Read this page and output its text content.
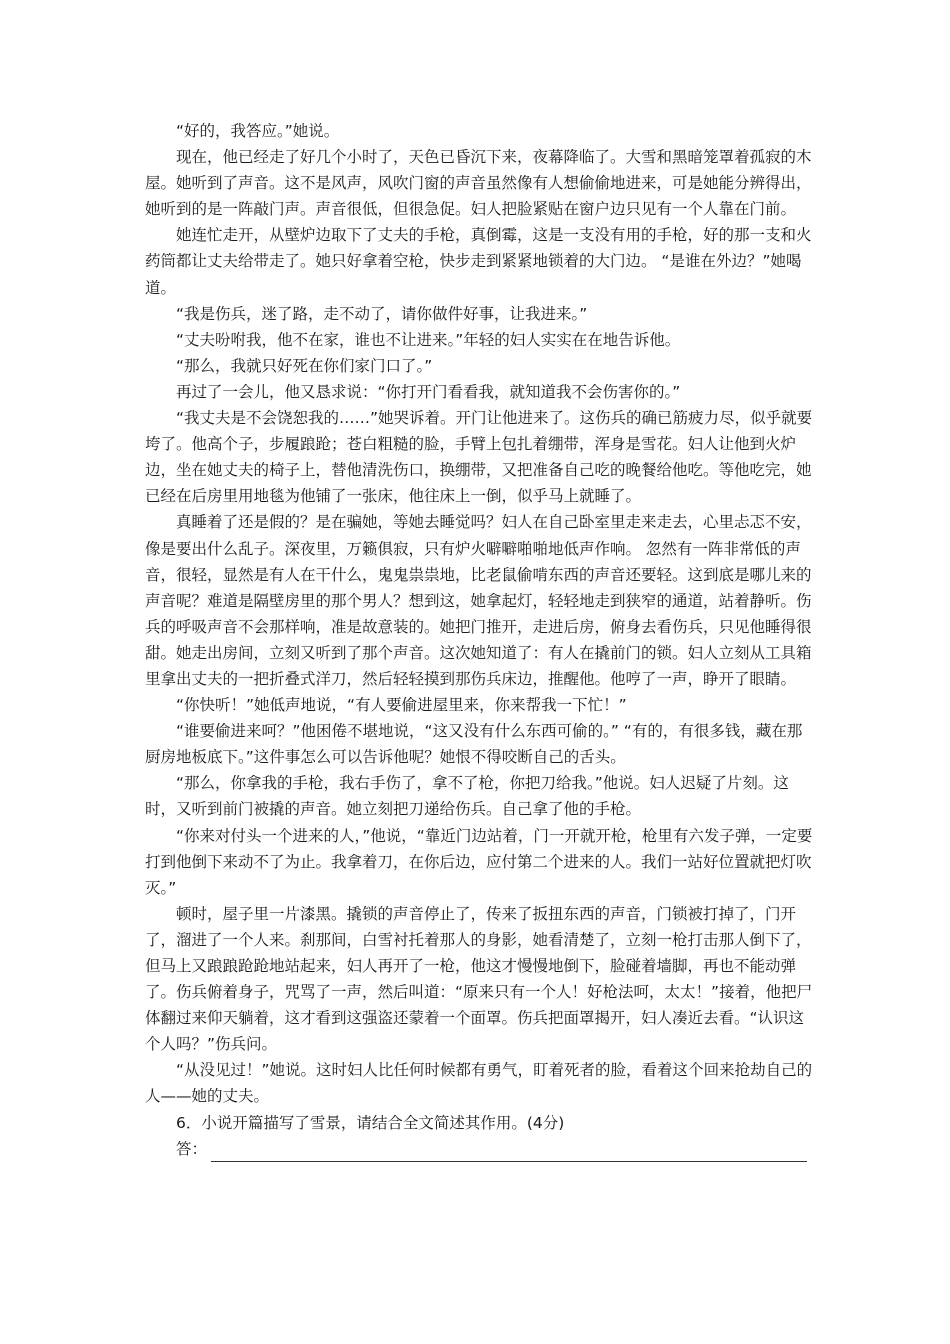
“好的，我答应。”她说。

现在，他已经走了好几个小时了，天色已昏沉下来，夜幕降临了。大雪和黑暗笼罩着孤寂的木屋。她听到了声音。这不是风声，风吹门窗的声音虽然像有人想偷偷地进来，可是她能分辨得出，她听到的是一阵敲门声。声音很低，但很急促。妇人把脸紧贴在窗户边只见有一个人靠在门前。

她连忙走开，从壁炉边取下了丈夫的手枪，真倒霉，这是一支没有用的手枪，好的那一支和火药筒都让丈夫给带走了。她只好拿着空枪，快步走到紧紧地锁着的大门边。 “是谁在外边？”她喝道。

“我是伤兵，迷了路，走不动了，请你做件好事，让我进来。”

“丈夫吩咐我，他不在家，谁也不让进来。”年轻的妇人实实在在地告诉他。

“那么，我就只好死在你们家门口了。”

再过了一会儿，他又恳求说：“你打开门看看我，就知道我不会伤害你的。”

“我丈夫是不会饶恕我的……”她哭诉着。开门让他进来了。这伤兵的确已筋疲力尽，似乎就要垮了。他高个子，步履踉跄；苍白粗糙的脸，手臂上包扎着绷带，浑身是雪花。妇人让他到火炉边，坐在她丈夫的椅子上，替他清洗伤口，换绷带，又把准备自己吃的晚餐给他吃。等他吃完，她已经在后房里用地毯为他铺了一张床，他往床上一倒，似乎马上就睡了。

真睡着了还是假的？是在骗她，等她去睡觉吗？妇人在自己卧室里走来走去，心里忐忑不安，像是要出什么乱子。深夜里，万籁俱寂，只有炉火噼噼啪啪地低声作响。 忽然有一阵非常低的声音，很轻，显然是有人在干什么，鬼鬼祟祟地，比老鼠偷啃东西的声音还要轻。这到底是哪儿来的声音呢？难道是隔壁房里的那个男人？想到这，她拿起灯，轻轻地走到狭窄的通道，站着静听。伤兵的呼吸声音不会那样响，准是故意装的。她把门推开，走进后房，俯身去看伤兵，只见他睡得很甜。她走出房间，立刻又听到了那个声音。这次她知道了：有人在撬前门的锁。妇人立刻从工具箱里拿出丈夫的一把折叠式洋刀，然后轻轻摸到那伤兵床边，推醒他。他哼了一声，睁开了眼睛。

“你快听！”她低声地说，“有人要偷进屋里来，你来帮我一下忙！”

“谁要偷进来呵？”他困倦不堪地说，“这又没有什么东西可偷的。” “有的，有很多钱，藏在那厨房地板底下。”这件事怎么可以告诉他呢？她恨不得咬断自己的舌头。

“那么，你拿我的手枪，我右手伤了，拿不了枪，你把刀给我。”他说。妇人迟疑了片刻。这时，又听到前门被撬的声音。她立刻把刀递给伤兵。自己拿了他的手枪。

“你来对付头一个进来的人，”他说，“靠近门边站着，门一开就开枪，枪里有六发子弹，一定要打到他倒下来动不了为止。我拿着刀，在你后边，应付第二个进来的人。我们一站好位置就把灯吹灭。”

顿时，屋子里一片漆黑。撬锁的声音停止了，传来了扳扭东西的声音，门锁被打掉了，门开了，溜进了一个人来。刹那间，白雪衬托着那人的身影，她看清楚了，立刻一枪打击那人倒下了，但马上又踉踉跄跄地站起来，妇人再开了一枪，他这才慢慢地倒下，脸碰着墙脚，再也不能动弹了。伤兵俯着身子，咒骂了一声，然后叫道：“原来只有一个人！好枪法呵，太太！”接着，他把尸体翻过来仰天躺着，这才看到这强盗还蒙着一个面罩。伤兵把面罩揭开，妇人凑近去看。“认识这个人吗？”伤兵问。

“从没见过！”她说。这时妇人比任何时候都有勇气，盯着死者的脸，看着这个回来抢劫自己的人——她的丈夫。

6．小说开篇描写了雪景，请结合全文简述其作用。(4分)

答：
